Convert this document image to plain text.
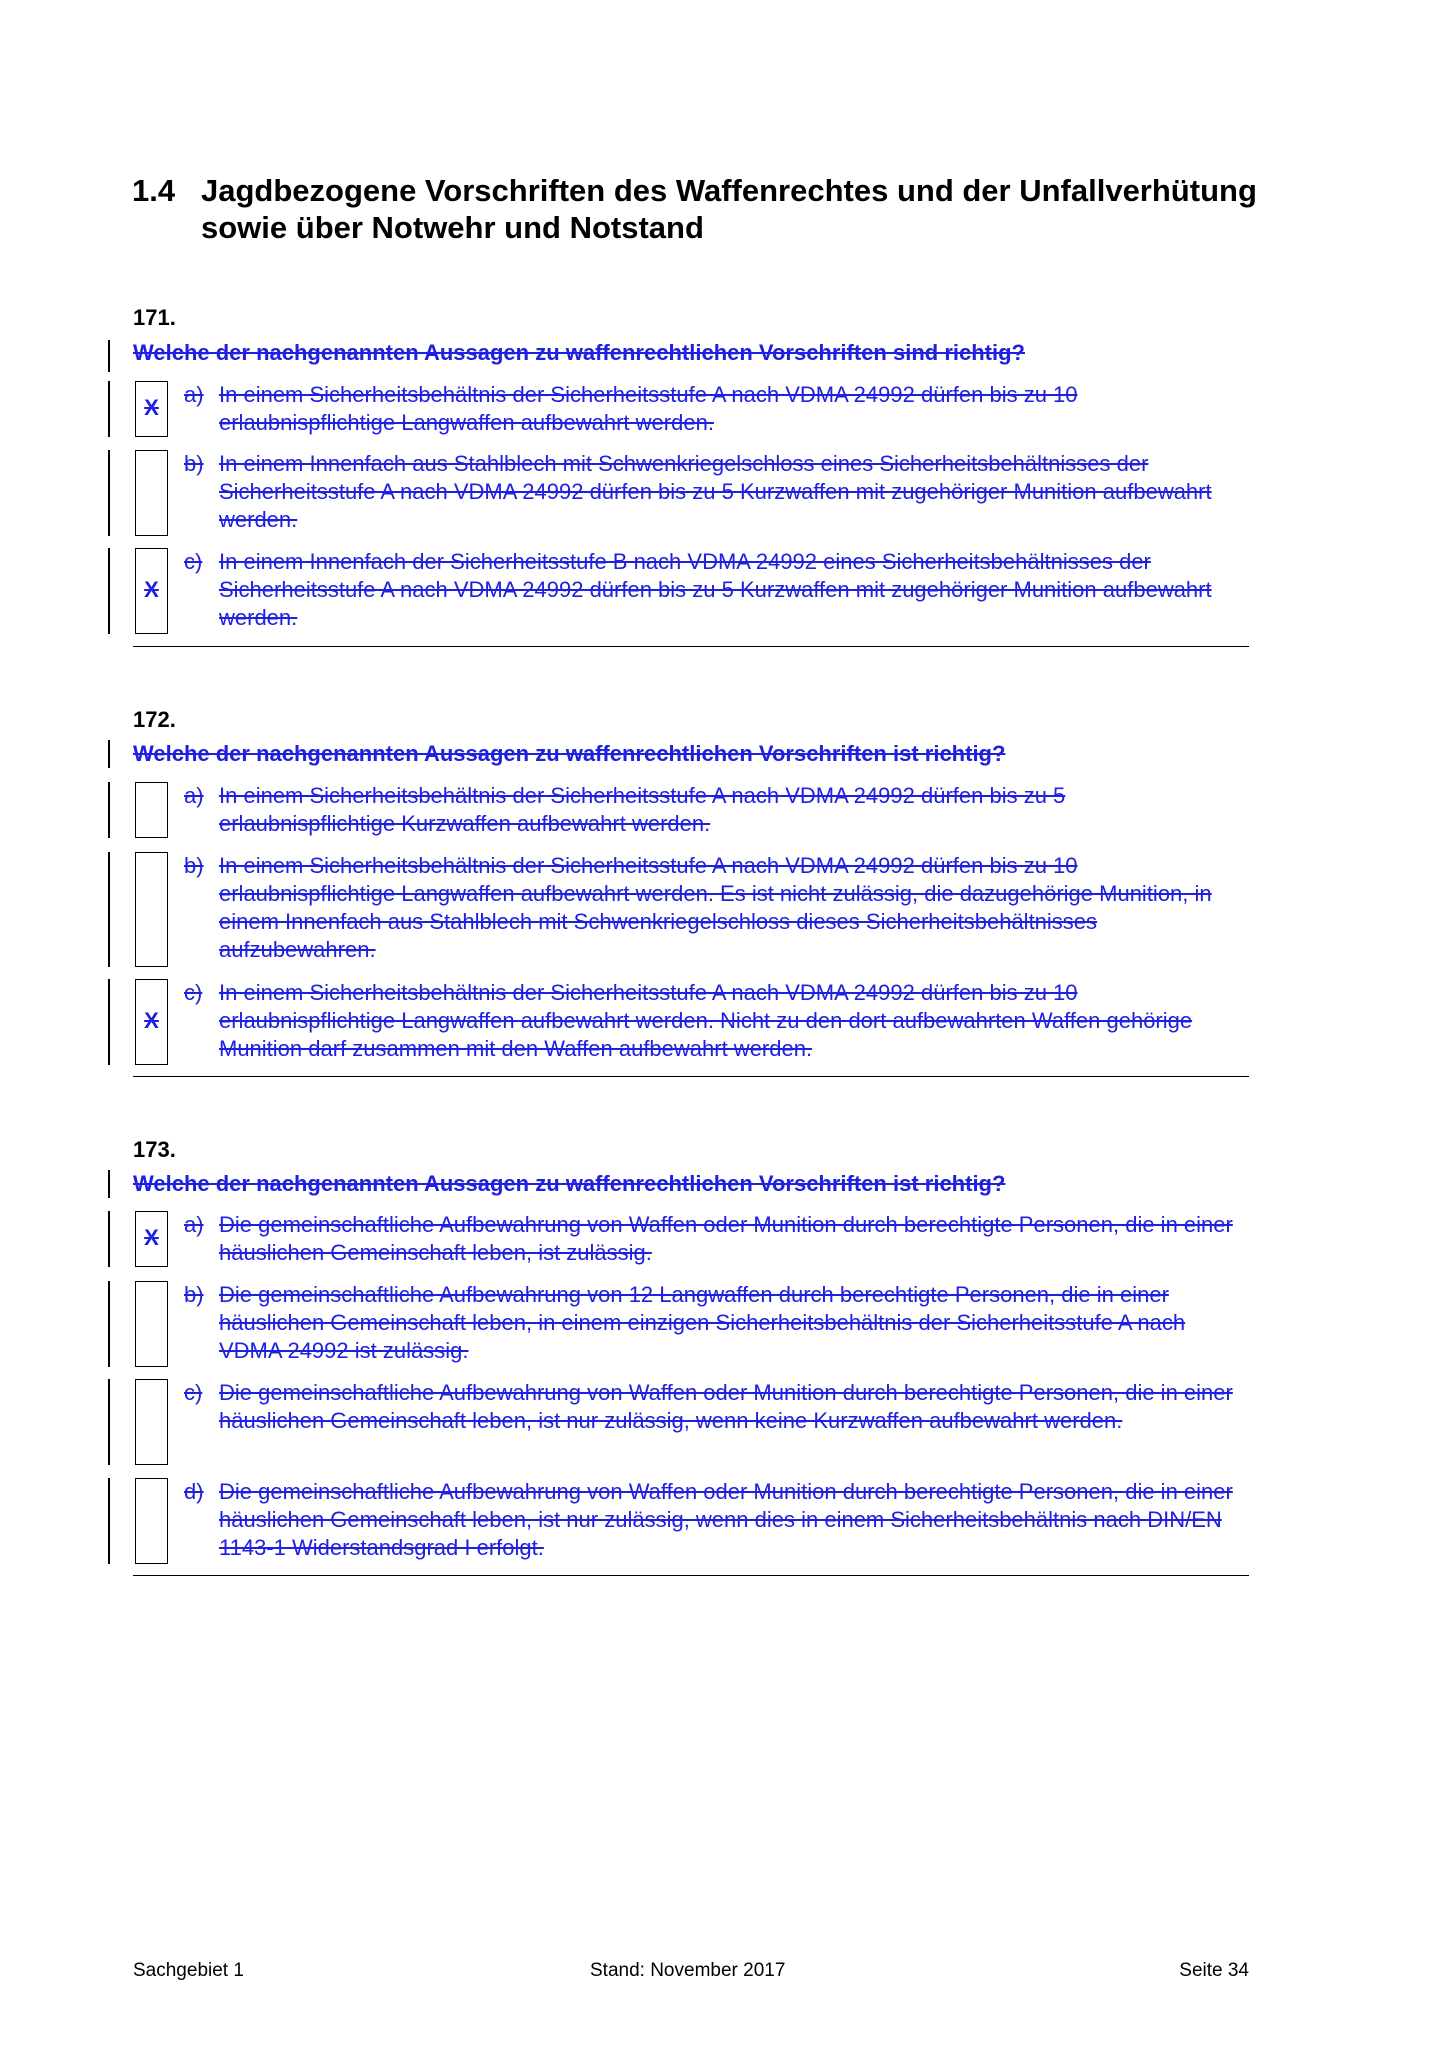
1.4 Jagdbezogene Vorschriften des Waffenrechtes und der Unfallverhütung sowie über Notwehr und Notstand
171.
Welche der nachgenannten Aussagen zu waffenrechtlichen Vorschriften sind richtig?
X
a) In einem Sicherheitsbehältnis der Sicherheitsstufe A nach VDMA 24992 dürfen bis zu 10 erlaubnispflichtige Langwaffen aufbewahrt werden.
b) In einem Innenfach aus Stahlblech mit Schwenkriegelschloss eines Sicherheitsbehältnisses der Sicherheitsstufe A nach VDMA 24992 dürfen bis zu 5 Kurzwaffen mit zugehöriger Munition aufbewahrt werden.
X
c) In einem Innenfach der Sicherheitsstufe B nach VDMA 24992 eines Sicherheitsbehältnisses der Sicherheitsstufe A nach VDMA 24992 dürfen bis zu 5 Kurzwaffen mit zugehöriger Munition aufbewahrt werden.
172.
Welche der nachgenannten Aussagen zu waffenrechtlichen Vorschriften ist richtig?
a) In einem Sicherheitsbehältnis der Sicherheitsstufe A nach VDMA 24992 dürfen bis zu 5 erlaubnispflichtige Kurzwaffen aufbewahrt werden.
b) In einem Sicherheitsbehältnis der Sicherheitsstufe A nach VDMA 24992 dürfen bis zu 10 erlaubnispflichtige Langwaffen aufbewahrt werden. Es ist nicht zulässig, die dazugehörige Munition, in einem Innenfach aus Stahlblech mit Schwenkriegelschloss dieses Sicherheitsbehältnisses aufzubewahren.
X
c) In einem Sicherheitsbehältnis der Sicherheitsstufe A nach VDMA 24992 dürfen bis zu 10 erlaubnispflichtige Langwaffen aufbewahrt werden. Nicht zu den dort aufbewahrten Waffen gehörige Munition darf zusammen mit den Waffen aufbewahrt werden.
173.
Welche der nachgenannten Aussagen zu waffenrechtlichen Vorschriften ist richtig?
X
a) Die gemeinschaftliche Aufbewahrung von Waffen oder Munition durch berechtigte Personen, die in einer häuslichen Gemeinschaft leben, ist zulässig.
b) Die gemeinschaftliche Aufbewahrung von 12 Langwaffen durch berechtigte Personen, die in einer häuslichen Gemeinschaft leben, in einem einzigen Sicherheitsbehältnis der Sicherheitsstufe A nach VDMA 24992 ist zulässig.
c) Die gemeinschaftliche Aufbewahrung von Waffen oder Munition durch berechtigte Personen, die in einer häuslichen Gemeinschaft leben, ist nur zulässig, wenn keine Kurzwaffen aufbewahrt werden.
d) Die gemeinschaftliche Aufbewahrung von Waffen oder Munition durch berechtigte Personen, die in einer häuslichen Gemeinschaft leben, ist nur zulässig, wenn dies in einem Sicherheitsbehältnis nach DIN/EN 1143-1 Widerstandsgrad I erfolgt.
Sachgebiet 1	Stand: November 2017	Seite 34
